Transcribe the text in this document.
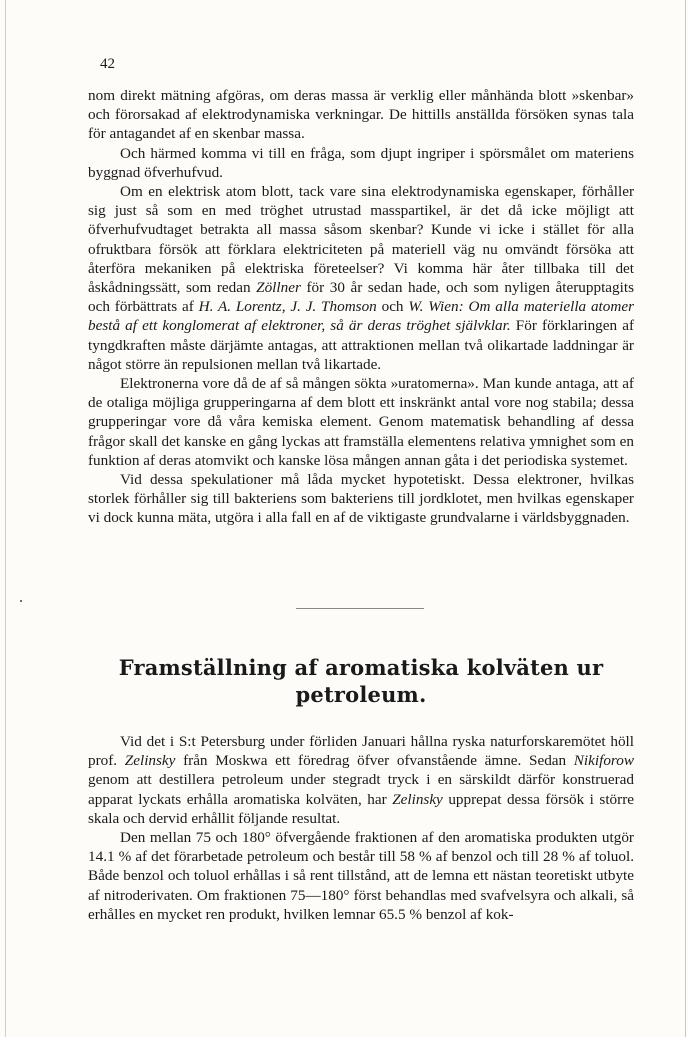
42

nom direkt mätning afgöras, om deras massa är verklig eller månhända blott »skenbar» och förorsakad af elektrodynamiska verkningar. De hittills anställda försöken synas tala för antagandet af en skenbar massa.

Och härmed komma vi till en fråga, som djupt ingriper i spörsmålet om materiens byggnad öfverhufvud.

Om en elektrisk atom blott, tack vare sina elektrodynamiska egenskaper, förhåller sig just så som en med tröghet utrustad masspartikel, är det då icke möjligt att öfverhufvudtaget betrakta all massa såsom skenbar? Kunde vi icke i stället för alla ofruktbara försök att förklara elektriciteten på materiell väg nu omvändt försöka att återföra mekaniken på elektriska företeelser? Vi komma här åter tillbaka till det åskådningssätt, som redan Zöllner för 30 år sedan hade, och som nyligen återupptagits och förbättrats af H. A. Lorentz, J. J. Thomson och W. Wien: Om alla materiella atomer bestå af ett konglomerat af elektroner, så är deras tröghet självklar. För förklaringen af tyngdkraften måste därjämte antagas, att attraktionen mellan två olikartade laddningar är något större än repulsionen mellan två likartade.

Elektronerna vore då de af så mången sökta »uratomerna». Man kunde antaga, att af de otaliga möjliga grupperingarna af dem blott ett inskränkt antal vore nog stabila; dessa grupperingar vore då våra kemiska element. Genom matematisk behandling af dessa frågor skall det kanske en gång lyckas att framställa elementens relativa ymnighet som en funktion af deras atomvikt och kanske lösa mången annan gåta i det periodiska systemet.

Vid dessa spekulationer må låda mycket hypotetiskt. Dessa elektroner, hvilkas storlek förhåller sig till bakteriens som bakteriens till jordklotet, men hvilkas egenskaper vi dock kunna mäta, utgöra i alla fall en af de viktigaste grundvalarne i världsbyggnaden.

Framställning af aromatiska kolväten ur
petroleum.

Vid det i S:t Petersburg under förliden Januari hållna ryska naturforskaremötet höll prof. Zelinsky från Moskwa ett föredrag öfver ofvanstående ämne. Sedan Nikiforow genom att destillera petroleum under stegradt tryck i en särskildt därför konstruerad apparat lyckats erhålla aromatiska kolväten, har Zelinsky upprepat dessa försök i större skala och dervid erhållit följande resultat.

Den mellan 75 och 180° öfvergående fraktionen af den aromatiska produkten utgör 14.1 % af det förarbetade petroleum och består till 58 % af benzol och till 28 % af toluol. Både benzol och toluol erhållas i så rent tillstånd, att de lemna ett nästan teoretiskt utbyte af nitroderivaten. Om fraktionen 75—180° först behandlas med svafvelsyra och alkali, så erhålles en mycket ren produkt, hvilken lemnar 65.5 % benzol af kok-
